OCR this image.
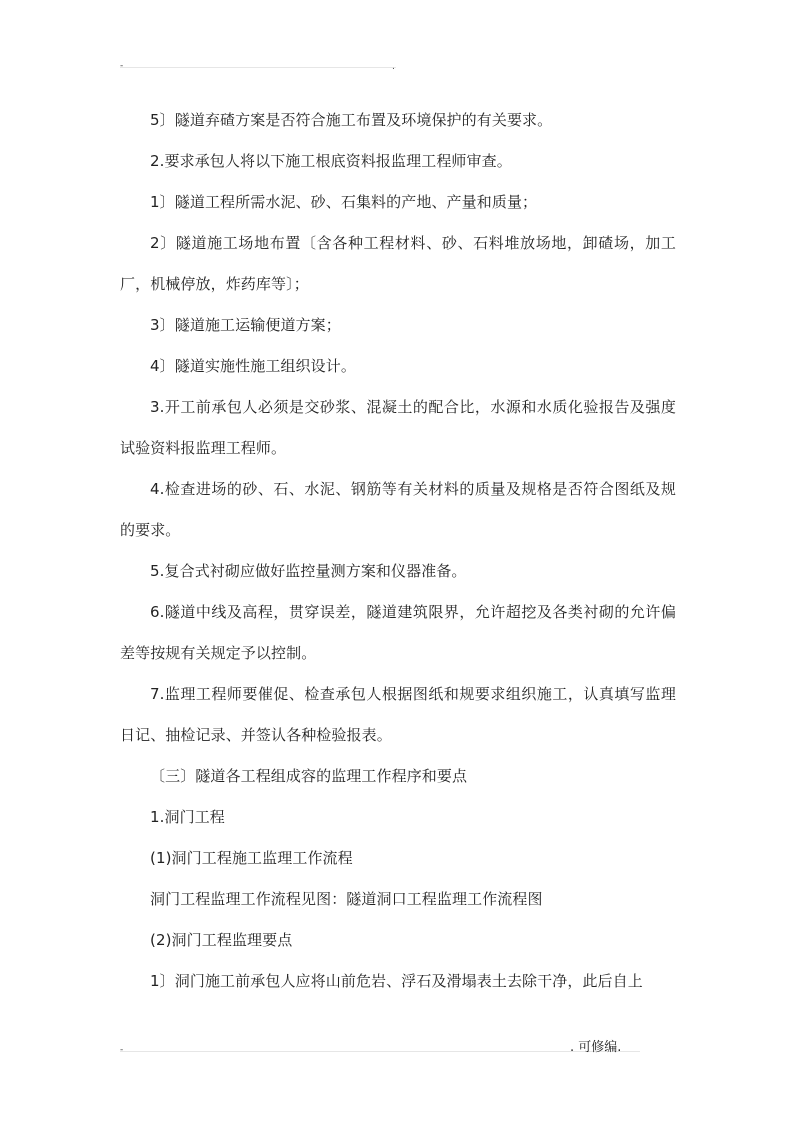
-	.

5〕隧道弃碴方案是否符合施工布置及环境保护的有关要求。

2.要求承包人将以下施工根底资料报监理工程师审查。

1〕隧道工程所需水泥、砂、石集料的产地、产量和质量；

2〕隧道施工场地布置〔含各种工程材料、砂、石料堆放场地，卸碴场，加工厂，机械停放，炸药库等〕；

3〕隧道施工运输便道方案；

4〕隧道实施性施工组织设计。

3.开工前承包人必须是交砂浆、混凝土的配合比，水源和水质化验报告及强度试验资料报监理工程师。

4.检查进场的砂、石、水泥、钢筋等有关材料的质量及规格是否符合图纸及规的要求。

5.复合式衬砌应做好监控量测方案和仪器准备。

6.隧道中线及高程，贯穿误差，隧道建筑限界，允许超挖及各类衬砌的允许偏差等按规有关规定予以控制。

7.监理工程师要催促、检查承包人根据图纸和规要求组织施工，认真填写监理日记、抽检记录、并签认各种检验报表。

〔三〕隧道各工程组成容的监理工作程序和要点

1.洞门工程

(1)洞门工程施工监理工作流程

洞门工程监理工作流程见图：隧道洞口工程监理工作流程图

(2)洞门工程监理要点

1〕洞门施工前承包人应将山前危岩、浮石及滑塌表土去除干净，此后自上

-	. 可修编.
